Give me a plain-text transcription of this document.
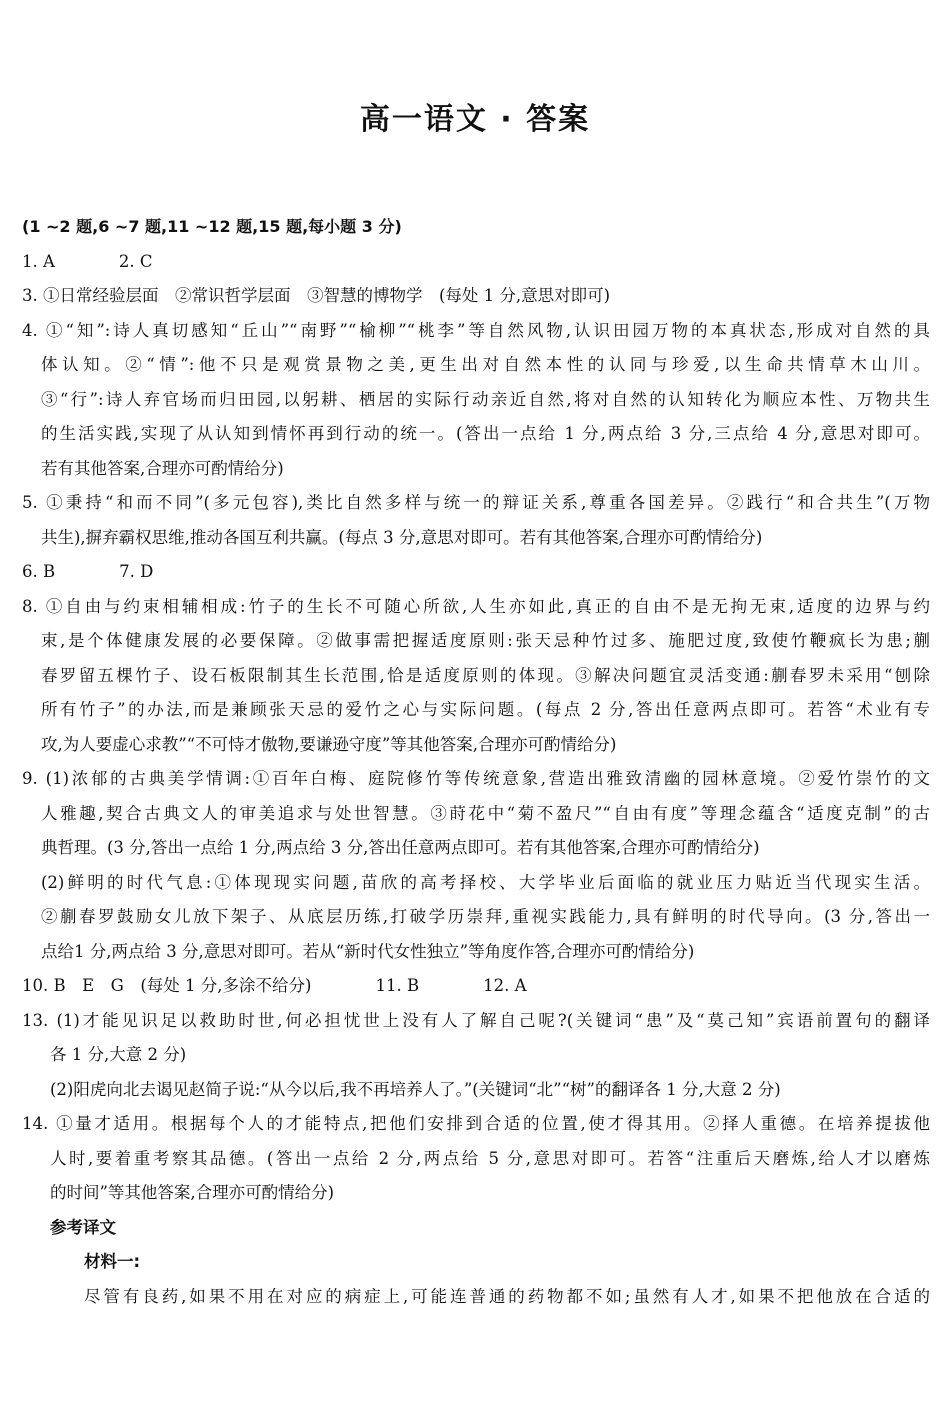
高一语文 · 答案
(1 ~2 题,6 ~7 题,11 ~12 题,15 题,每小题 3 分)
1. A	2. C
3. ①日常经验层面　②常识哲学层面　③智慧的博物学　(每处 1 分,意思对即可)
4. ①“知”:诗人真切感知“丘山”“南野”“榆柳”“桃李”等自然风物,认识田园万物的本真状态,形成对自然的具
体认知。②“情”:他不只是观赏景物之美,更生出对自然本性的认同与珍爱,以生命共情草木山川。
③“行”:诗人弃官场而归田园,以躬耕、栖居的实际行动亲近自然,将对自然的认知转化为顺应本性、万物共生
的生活实践,实现了从认知到情怀再到行动的统一。(答出一点给 1 分,两点给 3 分,三点给 4 分,意思对即可。
若有其他答案,合理亦可酌情给分)
5. ①秉持“和而不同”(多元包容),类比自然多样与统一的辩证关系,尊重各国差异。②践行“和合共生”(万物
共生),摒弃霸权思维,推动各国互利共赢。(每点 3 分,意思对即可。若有其他答案,合理亦可酌情给分)
6. B	7. D
8. ①自由与约束相辅相成:竹子的生长不可随心所欲,人生亦如此,真正的自由不是无拘无束,适度的边界与约
束,是个体健康发展的必要保障。②做事需把握适度原则:张天忌种竹过多、施肥过度,致使竹鞭疯长为患;蒯
春罗留五棵竹子、设石板限制其生长范围,恰是适度原则的体现。③解决问题宜灵活变通:蒯春罗未采用“刨除
所有竹子”的办法,而是兼顾张天忌的爱竹之心与实际问题。(每点 2 分,答出任意两点即可。若答“术业有专
攻,为人要虚心求教”“不可恃才傲物,要谦逊守度”等其他答案,合理亦可酌情给分)
9. (1)浓郁的古典美学情调:①百年白梅、庭院修竹等传统意象,营造出雅致清幽的园林意境。②爱竹崇竹的文
人雅趣,契合古典文人的审美追求与处世智慧。③莳花中“菊不盈尺”“自由有度”等理念蕴含“适度克制”的古
典哲理。(3 分,答出一点给 1 分,两点给 3 分,答出任意两点即可。若有其他答案,合理亦可酌情给分)
(2)鲜明的时代气息:①体现现实问题,苗欣的高考择校、大学毕业后面临的就业压力贴近当代现实生活。
②蒯春罗鼓励女儿放下架子、从底层历练,打破学历崇拜,重视实践能力,具有鲜明的时代导向。(3 分,答出一
点给1 分,两点给 3 分,意思对即可。若从“新时代女性独立”等角度作答,合理亦可酌情给分)
10. B　E　G　(每处 1 分,多涂不给分)	11. B	12. A
13. (1)才能见识足以救助时世,何必担忧世上没有人了解自己呢?(关键词“患”及“莫己知”宾语前置句的翻译
各 1 分,大意 2 分)
(2)阳虎向北去谒见赵简子说:“从今以后,我不再培养人了。”(关键词“北”“树”的翻译各 1 分,大意 2 分)
14. ①量才适用。根据每个人的才能特点,把他们安排到合适的位置,使才得其用。②择人重德。在培养提拔他
人时,要着重考察其品德。(答出一点给 2 分,两点给 5 分,意思对即可。若答“注重后天磨炼,给人才以磨炼
的时间”等其他答案,合理亦可酌情给分)
参考译文
材料一:
尽管有良药,如果不用在对应的病症上,可能连普通的药物都不如;虽然有人才,如果不把他放在合适的
